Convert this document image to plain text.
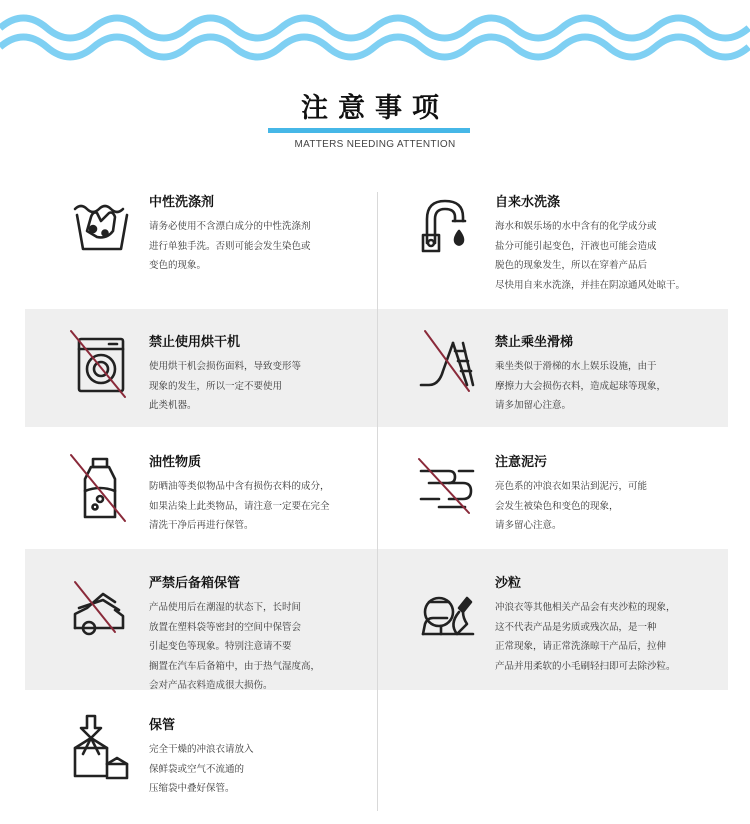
注意事项
MATTERS NEEDING ATTENTION
中性洗涤剂
请务必使用不含漂白成分的中性洗涤剂
进行单独手洗。否则可能会发生染色或
变色的现象。
自来水洗涤
海水和娱乐场的水中含有的化学成分或
盐分可能引起变色，汗液也可能会造成
脱色的现象发生，所以在穿着产品后
尽快用自来水洗涤，并挂在阴凉通风处晾干。
禁止使用烘干机
使用烘干机会损伤面料，导致变形等
现象的发生，所以一定不要使用
此类机器。
禁止乘坐滑梯
乘坐类似于滑梯的水上娱乐设施，由于
摩擦力大会损伤衣料，造成起球等现象，
请多加留心注意。
油性物质
防晒油等类似物品中含有损伤衣料的成分，
如果沾染上此类物品，请注意一定要在完全
清洗干净后再进行保管。
注意泥污
亮色系的冲浪衣如果沾到泥污，可能
会发生被染色和变色的现象，
请多留心注意。
严禁后备箱保管
产品使用后在潮湿的状态下，长时间
放置在塑料袋等密封的空间中保管会
引起变色等现象。特别注意请不要
搁置在汽车后备箱中，由于热气湿度高，
会对产品衣料造成很大损伤。
沙粒
冲浪衣等其他相关产品会有夹沙粒的现象，
这不代表产品是劣质或残次品，是一种
正常现象，请正常洗涤晾干产品后，拉伸
产品并用柔软的小毛刷轻扫即可去除沙粒。
保管
完全干燥的冲浪衣请放入
保鲜袋或空气不流通的
压缩袋中叠好保管。
